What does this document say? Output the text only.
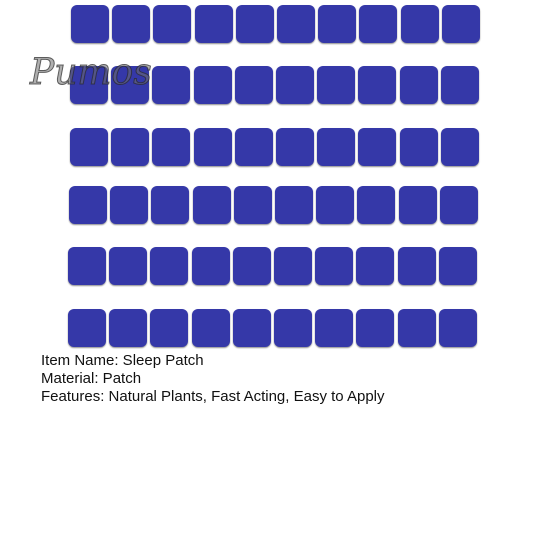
Pumos
Item Name: Sleep Patch
Material: Patch
Features: Natural Plants, Fast Acting, Easy to Apply
